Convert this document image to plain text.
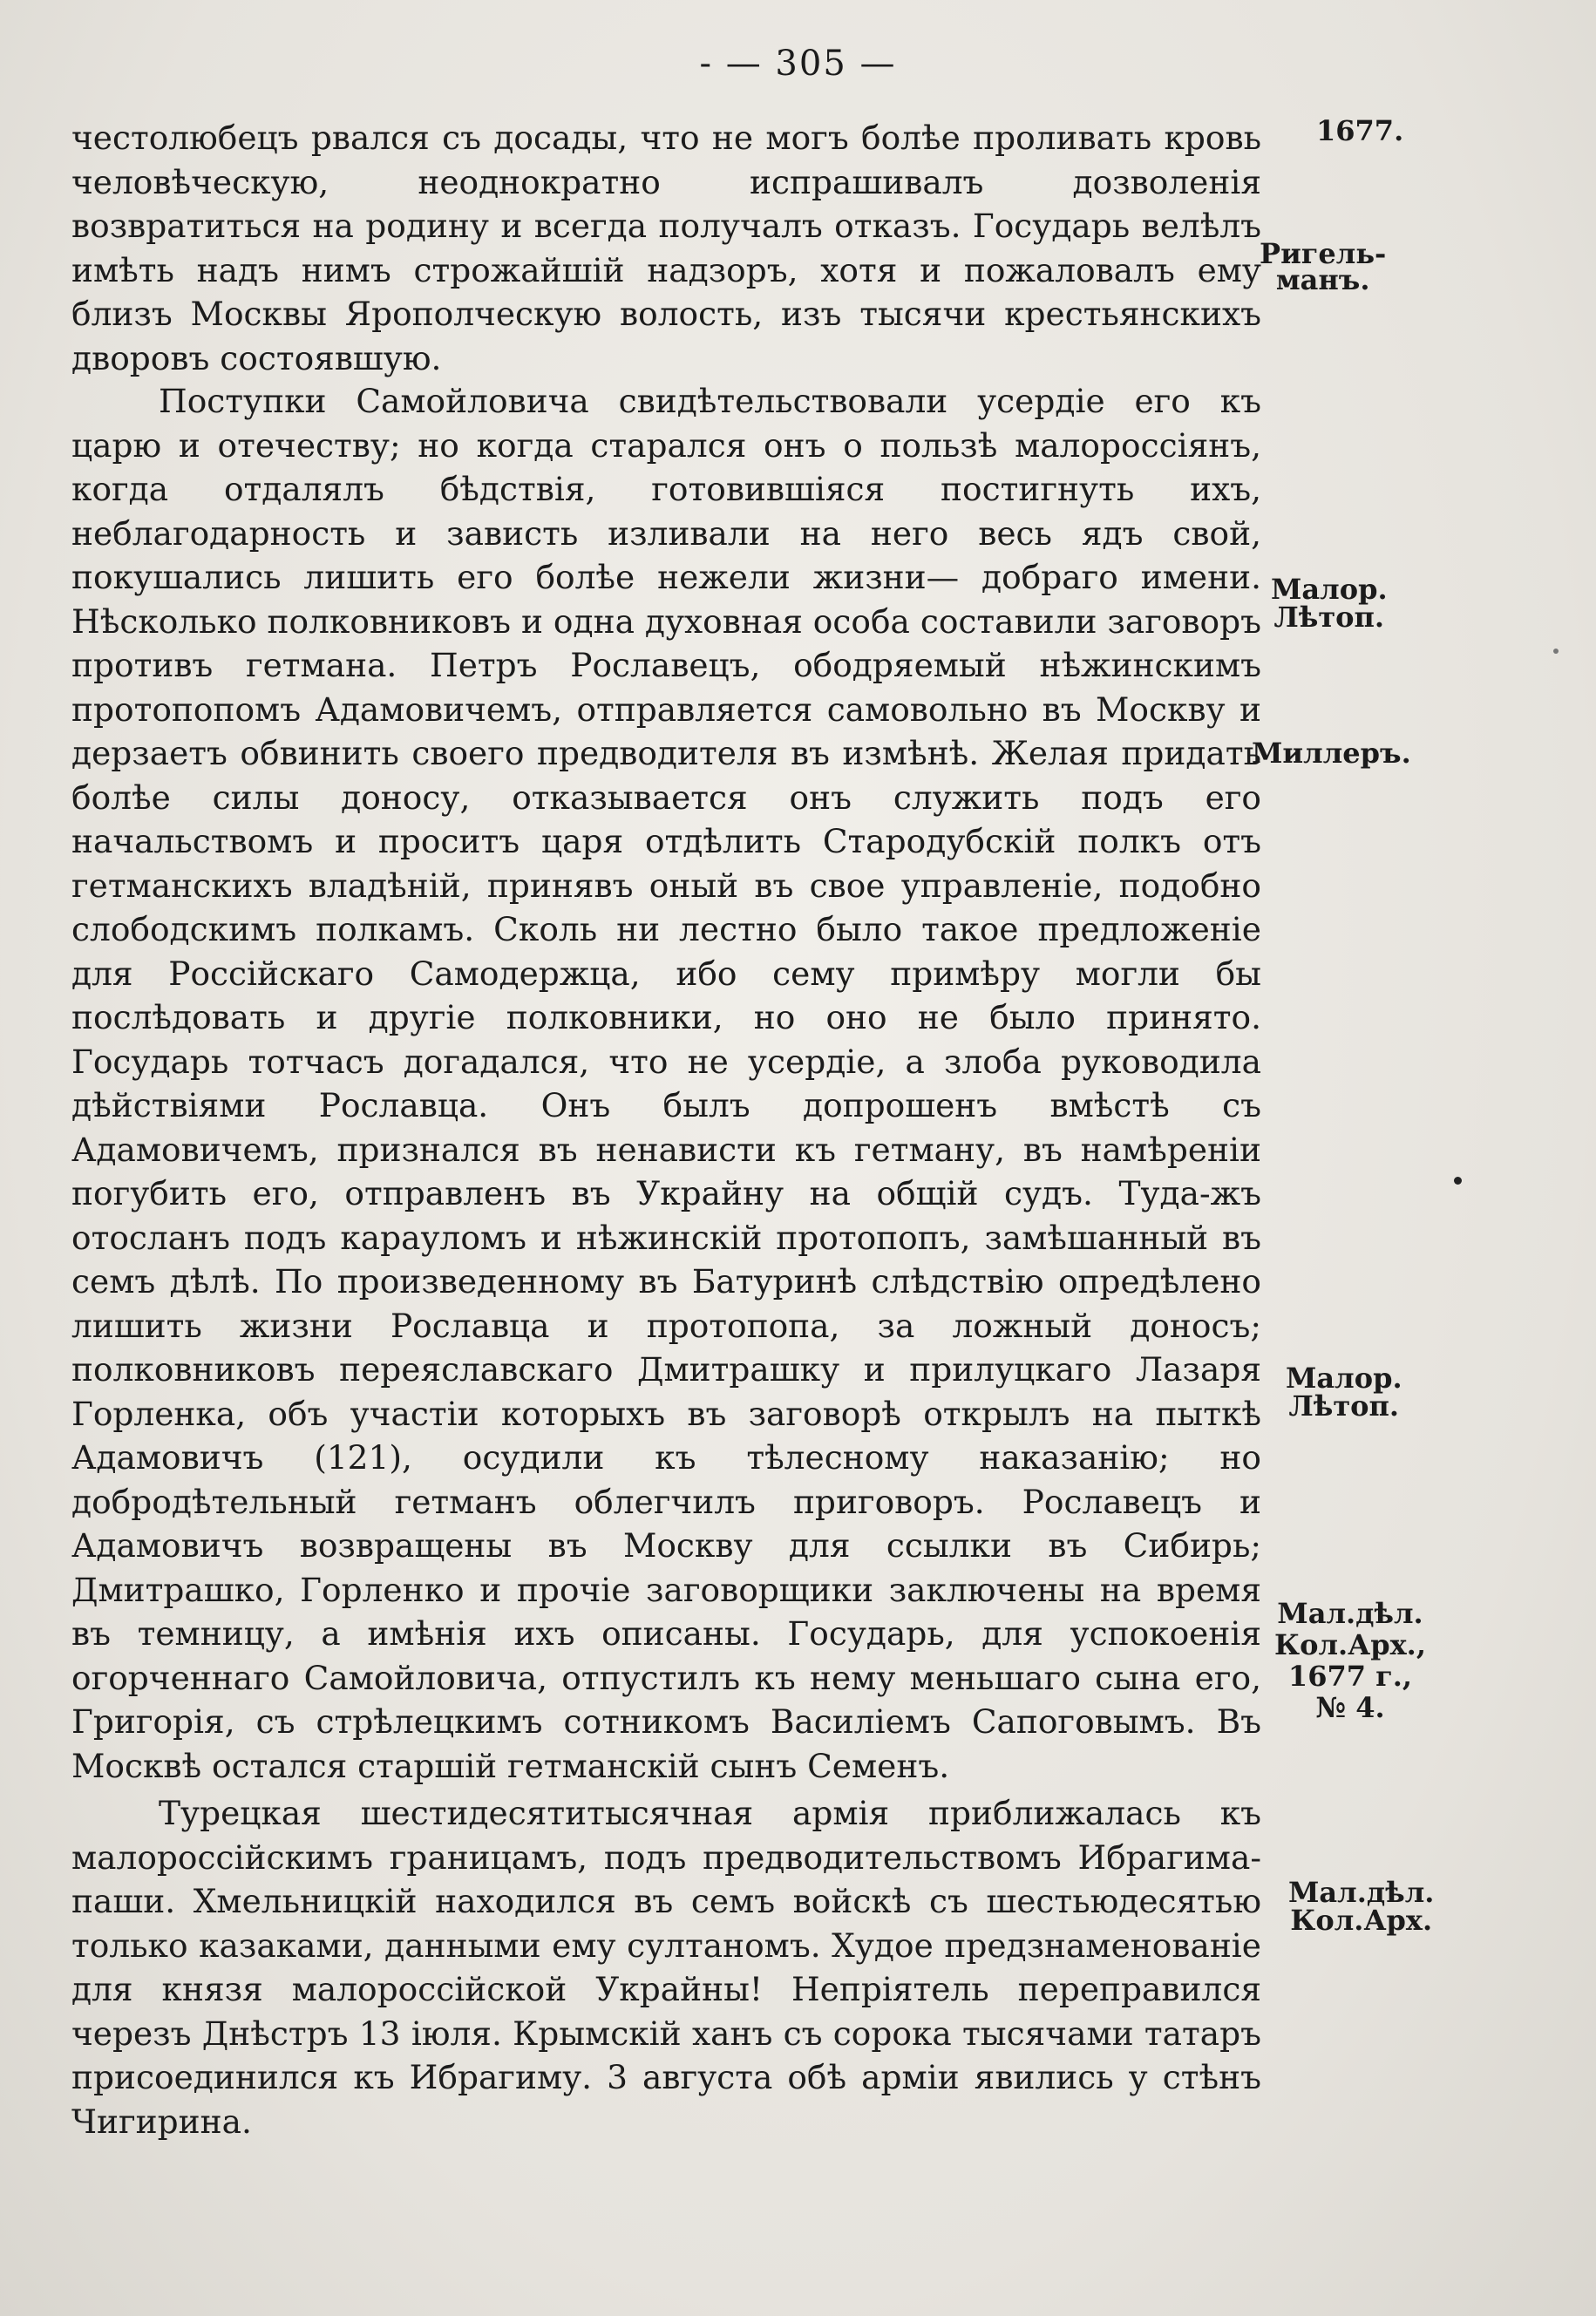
- — 305 —

честолюбецъ рвался съ досады, что не могъ болѣе проливать кровь человѣческую, неоднократно испрашивалъ дозволенія возвратиться на родину и всегда получалъ отказъ. Государь велѣлъ имѣть надъ нимъ строжайшій надзоръ, хотя и пожаловалъ ему близъ Москвы Ярополческую волость, изъ тысячи крестьянскихъ дворовъ состоявшую.

Поступки Самойловича свидѣтельствовали усердіе его къ царю и отечеству; но когда старался онъ о пользѣ малороссіянъ, когда отдалялъ бѣдствія, готовившіяся постигнуть ихъ, неблагодарность и зависть изливали на него весь ядъ свой, покушались лишить его болѣе нежели жизни— добраго имени. Нѣсколько полковниковъ и одна духовная особа составили заговоръ противъ гетмана. Петръ Рославецъ, ободряемый нѣжинскимъ протопопомъ Адамовичемъ, отправляется самовольно въ Москву и дерзаетъ обвинить своего предводителя въ измѣнѣ. Желая придать болѣе силы доносу, отказывается онъ служить подъ его начальствомъ и проситъ царя отдѣлить Стародубскій полкъ отъ гетманскихъ владѣній, принявъ оный въ свое управленіе, подобно слободскимъ полкамъ. Сколь ни лестно было такое предложеніе для Россійскаго Самодержца, ибо сему примѣру могли бы послѣдовать и другіе полковники, но оно не было принято. Государь тотчасъ догадался, что не усердіе, а злоба руководила дѣйствіями Рославца. Онъ былъ допрошенъ вмѣстѣ съ Адамовичемъ, признался въ ненависти къ гетману, въ намѣреніи погубить его, отправленъ въ Украйну на общій судъ. Туда-жъ отосланъ подъ карауломъ и нѣжинскій протопопъ, замѣшанный въ семъ дѣлѣ. По произведенному въ Батуринѣ слѣдствію опредѣлено лишить жизни Рославца и протопопа, за ложный доносъ; полковниковъ переяславскаго Дмитрашку и прилуцкаго Лазаря Горленка, объ участіи которыхъ въ заговорѣ открылъ на пыткѣ Адамовичъ (121), осудили къ тѣлесному наказанію; но добродѣтельный гетманъ облегчилъ приговоръ. Рославецъ и Адамовичъ возвращены въ Москву для ссылки въ Сибирь; Дмитрашко, Горленко и прочіе заговорщики заключены на время въ темницу, а имѣнія ихъ описаны. Государь, для успокоенія огорченнаго Самойловича, отпустилъ къ нему меньшаго сына его, Григорія, съ стрѣлецкимъ сотникомъ Василіемъ Сапоговымъ. Въ Москвѣ остался старшій гетманскій сынъ Семенъ.

Турецкая шестидесятитысячная армія приближалась къ малороссійскимъ границамъ, подъ предводительствомъ Ибрагима-паши. Хмельницкій находился въ семъ войскѣ съ шестьюдесятью только казаками, данными ему султаномъ. Худое предзнаменованіе для князя малороссійской Украйны! Непріятель переправился черезъ Днѣстръ 13 іюля. Крымскій ханъ съ сорока тысячами татаръ присоединился къ Ибрагиму. 3 августа обѣ арміи явились у стѣнъ Чигирина.

1677.
Ригель-
манъ.
Малор.
Лѣтоп.
Миллеръ.
Малор.
Лѣтоп.
Мал.дѣл.
Кол.Арх.,
1677 г.,
№ 4.
Мал.дѣл.
Кол.Арх.
